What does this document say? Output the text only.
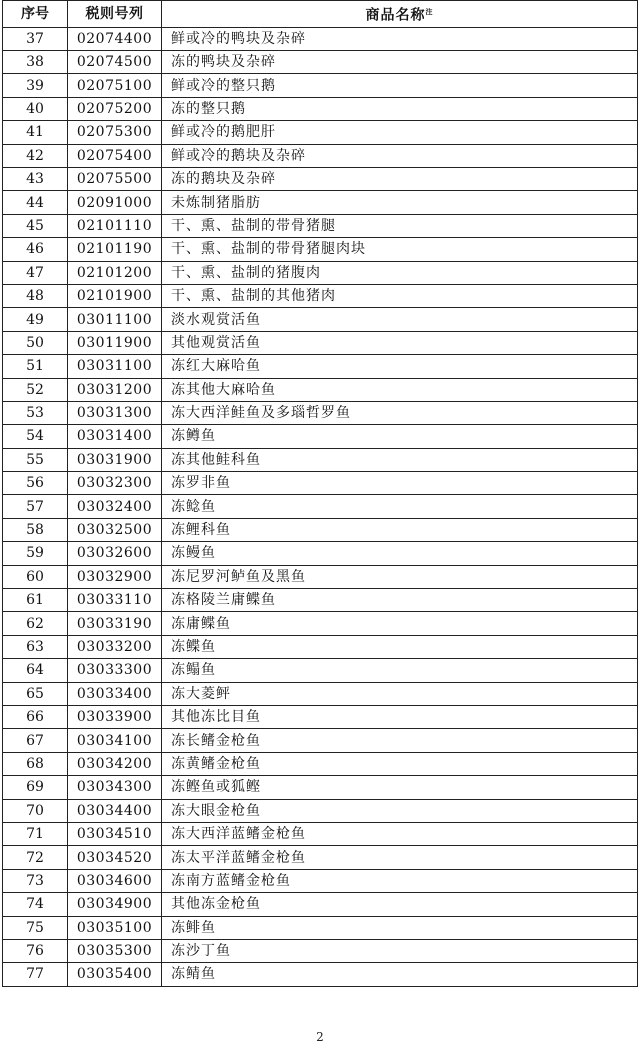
序号	税则号列	商品名称$^注$
37	02074400	鲜或冷的鸭块及杂碎
38	02074500	冻的鸭块及杂碎
39	02075100	鲜或冷的整只鹅
40	02075200	冻的整只鹅
41	02075300	鲜或冷的鹅肥肝
42	02075400	鲜或冷的鹅块及杂碎
43	02075500	冻的鹅块及杂碎
44	02091000	未炼制猪脂肪
45	02101110	干、熏、盐制的带骨猪腿
46	02101190	干、熏、盐制的带骨猪腿肉块
47	02101200	干、熏、盐制的猪腹肉
48	02101900	干、熏、盐制的其他猪肉
49	03011100	淡水观赏活鱼
50	03011900	其他观赏活鱼
51	03031100	冻红大麻哈鱼
52	03031200	冻其他大麻哈鱼
53	03031300	冻大西洋鲑鱼及多瑙哲罗鱼
54	03031400	冻鳟鱼
55	03031900	冻其他鲑科鱼
56	03032300	冻罗非鱼
57	03032400	冻鲶鱼
58	03032500	冻鲤科鱼
59	03032600	冻鳗鱼
60	03032900	冻尼罗河鲈鱼及黑鱼
61	03033110	冻格陵兰庸鲽鱼
62	03033190	冻庸鲽鱼
63	03033200	冻鲽鱼
64	03033300	冻鳎鱼
65	03033400	冻大菱鲆
66	03033900	其他冻比目鱼
67	03034100	冻长鳍金枪鱼
68	03034200	冻黄鳍金枪鱼
69	03034300	冻鲣鱼或狐鲣
70	03034400	冻大眼金枪鱼
71	03034510	冻大西洋蓝鳍金枪鱼
72	03034520	冻太平洋蓝鳍金枪鱼
73	03034600	冻南方蓝鳍金枪鱼
74	03034900	其他冻金枪鱼
75	03035100	冻鲱鱼
76	03035300	冻沙丁鱼
77	03035400	冻鲭鱼
2
